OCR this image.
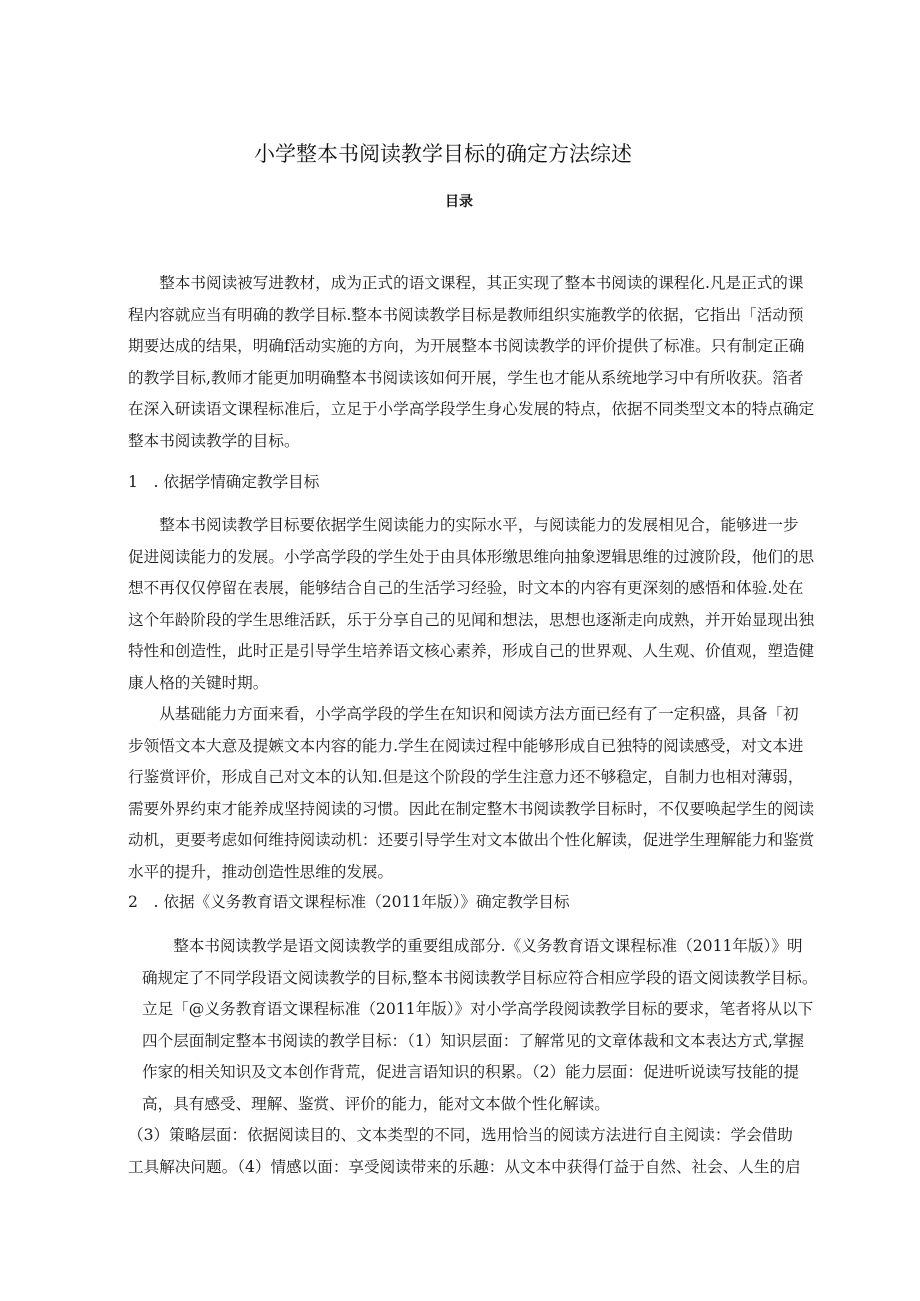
小学整本书阅读教学目标的确定方法综述
目录
　　整本书阅读被写进教材，成为正式的语文课程，其正实现了整本书阅读的课程化.凡是正式的课
程内容就应当有明确的教学目标.整本书阅读教学目标是教师组织实施教学的依据，它指出「活动预
期要达成的结果，明确f活动实施的方向，为开展整本书阅读教学的评价提供了标准。只有制定正确
的教学目标,教师才能更加明确整本书阅读该如何开展，学生也才能从系统地学习中有所收获。箔者
在深入研读语文课程标准后，立足于小学高学段学生身心发展的特点，依据不同类型文本的特点确定
整本书阅读教学的目标。
1　. 依据学情确定教学目标
　　整本书阅读教学目标要依据学生阅读能力的实际水平，与阅读能力的发展相见合，能够进一步
促进阅读能力的发展。小学高学段的学生处于由具体形缴思维向抽象逻辑思维的过渡阶段，他们的思
想不再仅仅停留在表展，能够结合自己的生活学习经验，时文本的内容有更深刻的感悟和体验.处在
这个年龄阶段的学生思维活跃，乐于分享自己的见闻和想法，思想也逐渐走向成熟，并开始显现出独
特性和创造性，此时正是引导学生培养语文核心素养，形成自己的世界观、人生观、价值观，塑造健
康人格的关键时期。
　　从基础能力方面来看，小学高学段的学生在知识和阅读方法方面已经有了一定积盛，具备「初
步领悟文本大意及提嫉文本内容的能力.学生在阅读过程中能够形成自已独特的阅读感受，对文本进
行鉴赏评价，形成自己对文本的认知.但是这个阶段的学生注意力还不够稳定，自制力也相对薄弱，
需要外界约束才能养成坚持阅读的习惯。因此在制定整木书阅读教学目标时，不仅要唤起学生的阅读
动机，更要考虑如何维持阅读动机：还要引导学生对文本做出个性化解读，促进学生理解能力和鉴赏
水平的提升，推动创造性思维的发展。
2　. 依据《义务教育语文课程标准（2011年版）》确定教学目标
　　整本书阅读教学是语文阅读教学的重要组成部分.《义务教育语文课程标准（2011年版）》明
确规定了不同学段语文阅读教学的目标,整本书阅读教学目标应符合相应学段的语文阅读教学目标。
立足「@义务教育语文课程标准（2011年版）》对小学高学段阅读教学目标的要求，笔者将从以下
四个层面制定整本书阅读的教学目标：（1）知识层面：了解常见的文章体裁和文本表达方式,掌握
作家的相关知识及文本创作背荒，促进言语知识的积累。（2）能力层面：促进听说读写技能的提
高，具有感受、理解、鉴赏、评价的能力，能对文本做个性化解读。
（3）策略层面：依据阅读目的、文本类型的不同，选用恰当的阅读方法进行自主阅读：学会借助
工具解决问题。（4）情感以面：享受阅读带来的乐趣：从文本中获得仃益于自然、社会、人生的启
